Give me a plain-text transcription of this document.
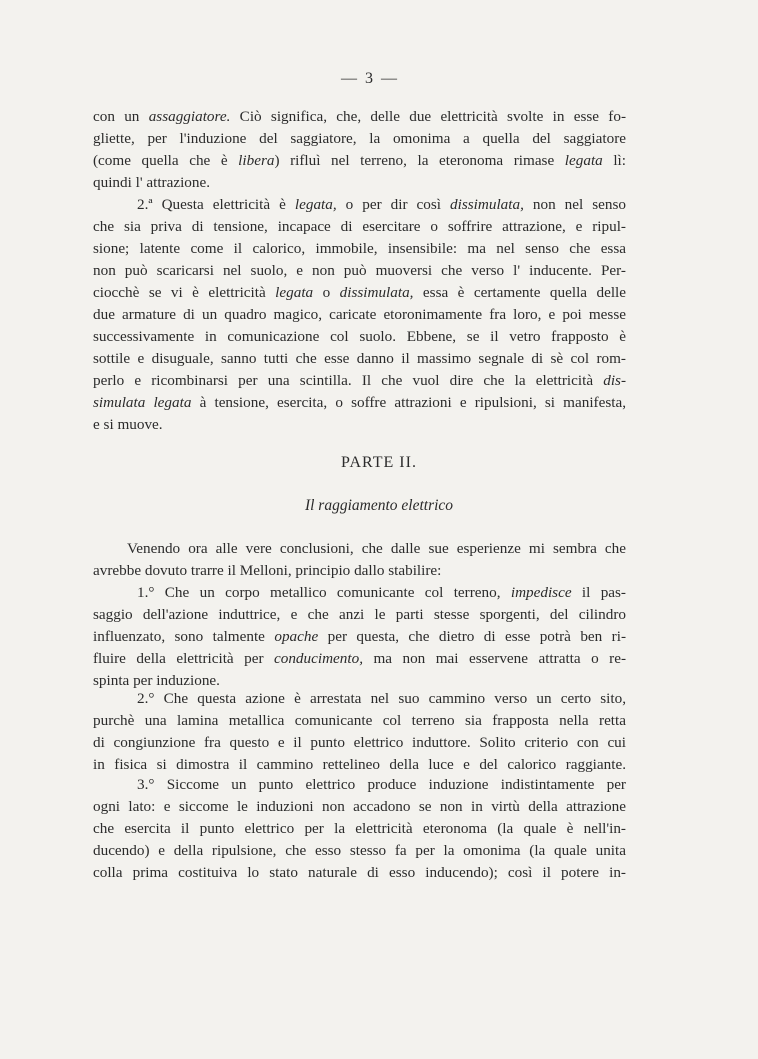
— 3 —
con un assaggiatore. Ciò significa, che, delle due elettricità svolte in esse fo-
gliette, per l'induzione del saggiatore, la omonima a quella del saggiatore
(come quella che è libera) rifluì nel terreno, la eteronoma rimase legata lì:
quindi l' attrazione.
2.ª Questa elettricità è legata, o per dir così dissimulata, non nel senso
che sia priva di tensione, incapace di esercitare o soffrire attrazione, e ripul-
sione; latente come il calorico, immobile, insensibile: ma nel senso che essa
non può scaricarsi nel suolo, e non può muoversi che verso l' inducente. Per-
ciocchè se vi è elettricità legata o dissimulata, essa è certamente quella delle
due armature di un quadro magico, caricate etoronimamente fra loro, e poi messe
successivamente in comunicazione col suolo. Ebbene, se il vetro frapposto è
sottile e disuguale, sanno tutti che esse danno il massimo segnale di sè col rom-
perlo e ricombinarsi per una scintilla. Il che vuol dire che la elettricità dis-
simulata legata à tensione, esercita, o soffre attrazioni e ripulsioni, si manifesta,
e si muove.
PARTE II.
Il raggiamento elettrico
Venendo ora alle vere conclusioni, che dalle sue esperienze mi sembra che
avrebbe dovuto trarre il Melloni, principio dallo stabilire:
1.° Che un corpo metallico comunicante col terreno, impedisce il pas-
saggio dell'azione induttrice, e che anzi le parti stesse sporgenti, del cilindro
influenzato, sono talmente opache per questa, che dietro di esse potrà ben ri-
fluire della elettricità per conducimento, ma non mai esservene attratta o re-
spinta per induzione.
2.° Che questa azione è arrestata nel suo cammino verso un certo sito,
purchè una lamina metallica comunicante col terreno sia frapposta nella retta
di congiunzione fra questo e il punto elettrico induttore. Solito criterio con cui
in fisica si dimostra il cammino rettelineo della luce e del calorico raggiante.
3.° Siccome un punto elettrico produce induzione indistintamente per
ogni lato: e siccome le induzioni non accadono se non in virtù della attrazione
che esercita il punto elettrico per la elettricità eteronoma (la quale è nell'in-
ducendo) e della ripulsione, che esso stesso fa per la omonima (la quale unita
colla prima costituiva lo stato naturale di esso inducendo); così il potere in-
